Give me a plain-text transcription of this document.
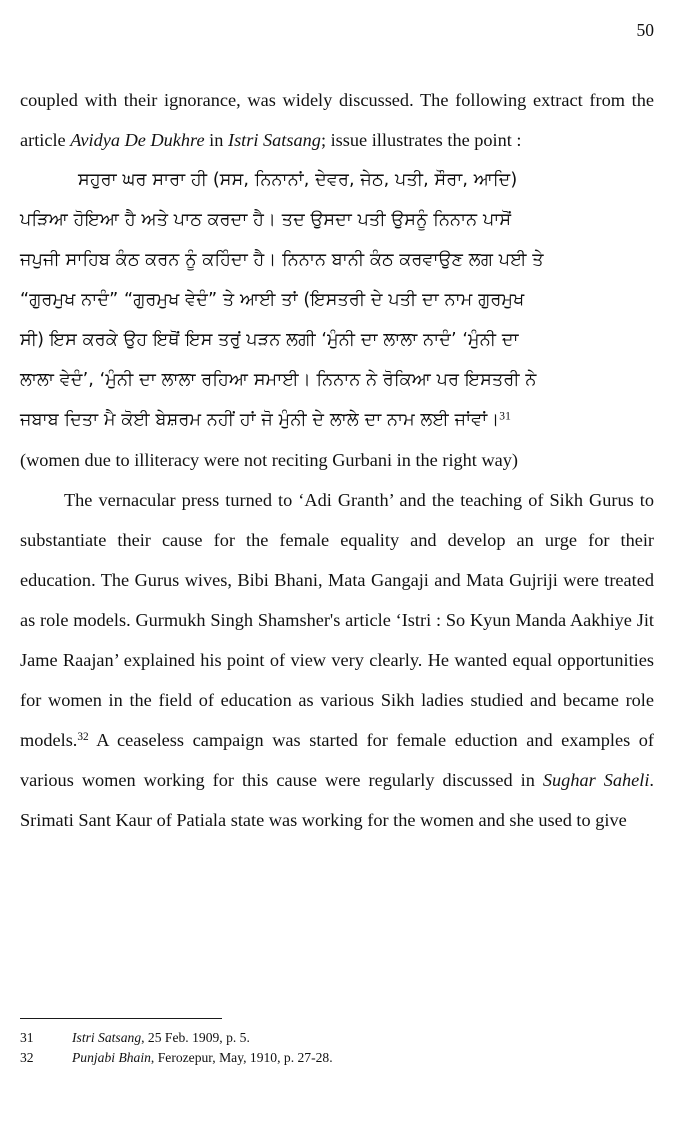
50

coupled with their ignorance, was widely discussed. The following extract from the article Avidya De Dukhre in Istri Satsang; issue illustrates the point :

ਸਹੁਰਾ ਘਰ ਸਾਰਾ ਹੀ (ਸਸ, ਨਿਨਾਨਾਂ, ਦੇਵਰ, ਜੇਠ, ਪਤੀ, ਸੌਰਾ, ਆਦਿ)
ਪੜਿਆ ਹੋਇਆ ਹੈ ਅਤੇ ਪਾਠ ਕਰਦਾ ਹੈ। ਤਦ ਉਸਦਾ ਪਤੀ ਉਸਨੂੰ ਨਿਨਾਨ ਪਾਸੋਂ
ਜਪੁਜੀ ਸਾਹਿਬ ਕੰਠ ਕਰਨ ਨੂੰ ਕਹਿੰਦਾ ਹੈ। ਨਿਨਾਨ ਬਾਨੀ ਕੰਠ ਕਰਵਾਉਣ ਲਗ ਪਈ ਤੇ
“ਗੁਰਮੁਖ ਨਾਦੰ” “ਗੁਰਮੁਖ ਵੇਦੰ” ਤੇ ਆਈ ਤਾਂ (ਇਸਤਰੀ ਦੇ ਪਤੀ ਦਾ ਨਾਮ ਗੁਰਮੁਖ
ਸੀ) ਇਸ ਕਰਕੇ ਉਹ ਇਥੋਂ ਇਸ ਤਰੁਂ ਪੜਨ ਲਗੀ ‘ਮੁੰਨੀ ਦਾ ਲਾਲਾ ਨਾਦੰ’ ‘ਮੁੰਨੀ ਦਾ
ਲਾਲਾ ਵੇਦੰ’, ‘ਮੁੰਨੀ ਦਾ ਲਾਲਾ ਰਹਿਆ ਸਮਾਈ। ਨਿਨਾਨ ਨੇ ਰੋਕਿਆ ਪਰ ਇਸਤਰੀ ਨੇ
ਜਬਾਬ ਦਿਤਾ ਮੈ ਕੋਈ ਬੇਸ਼ਰਮ ਨਹੀਂ ਹਾਂ ਜੋ ਮੁੰਨੀ ਦੇ ਲਾਲੇ ਦਾ ਨਾਮ ਲਈ ਜਾਂਵਾਂ।$^{31}$

(women due to illiteracy were not reciting Gurbani in the right way)

The vernacular press turned to ‘Adi Granth’ and the teaching of Sikh Gurus to substantiate their cause for the female equality and develop an urge for their education. The Gurus wives, Bibi Bhani, Mata Gangaji and Mata Gujriji were treated as role models. Gurmukh Singh Shamsher's article ‘Istri : So Kyun Manda Aakhiye Jit Jame Raajan’ explained his point of view very clearly. He wanted equal opportunities for women in the field of education as various Sikh ladies studied and became role models.$^{32}$ A ceaseless campaign was started for female eduction and examples of various women working for this cause were regularly discussed in Sughar Saheli. Srimati Sant Kaur of Patiala state was working for the women and she used to give

31	Istri Satsang, 25 Feb. 1909, p. 5.
32	Punjabi Bhain, Ferozepur, May, 1910, p. 27-28.
